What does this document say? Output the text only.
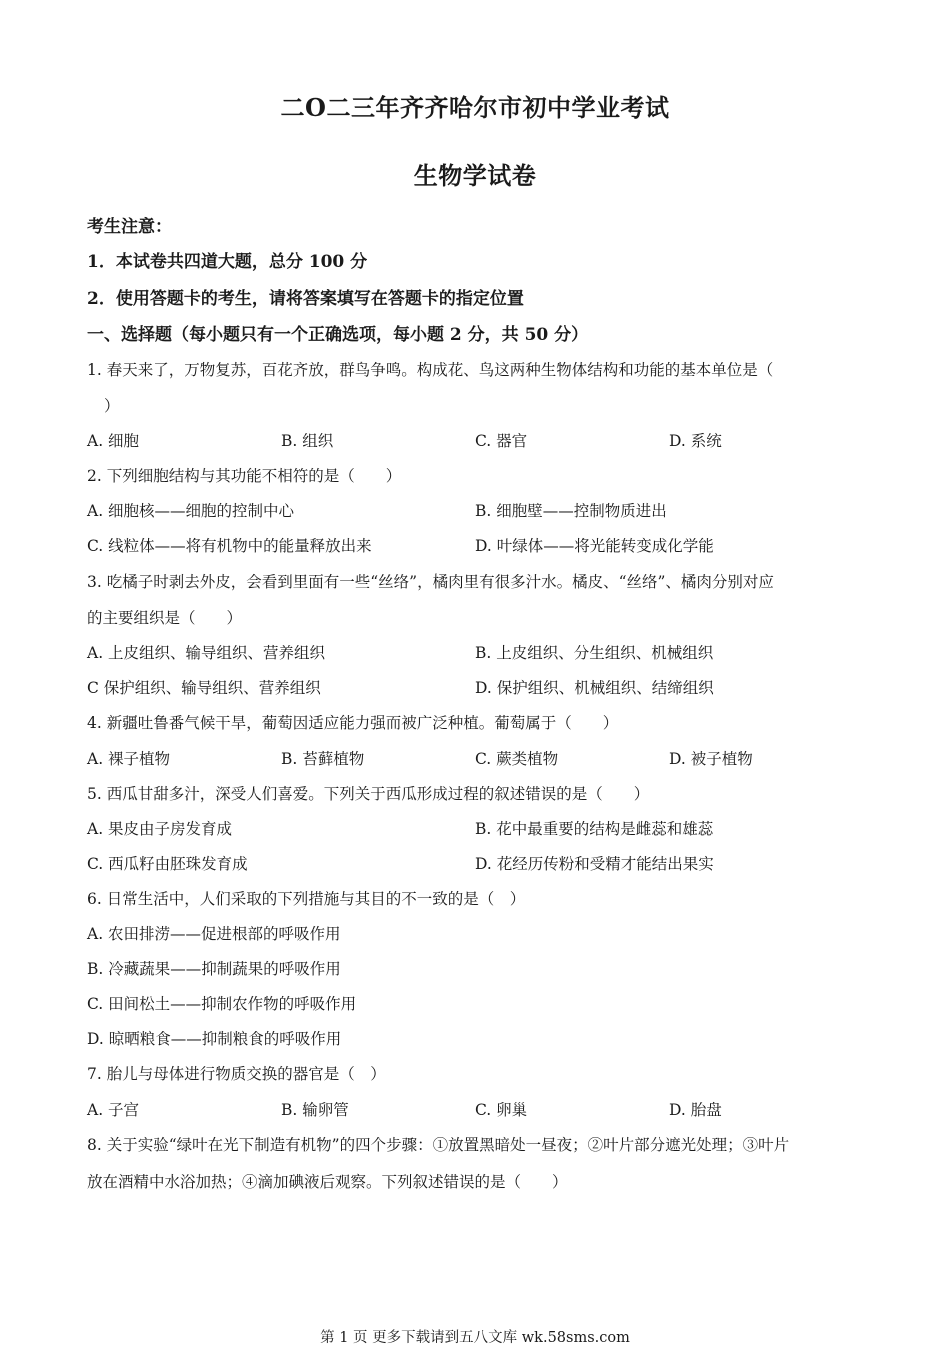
二O二三年齐齐哈尔市初中学业考试
生物学试卷
考生注意：
1．本试卷共四道大题，总分 100 分
2．使用答题卡的考生，请将答案填写在答题卡的指定位置
一、选择题（每小题只有一个正确选项，每小题 2 分，共 50 分）
1. 春天来了，万物复苏，百花齐放，群鸟争鸣。构成花、鸟这两种生物体结构和功能的基本单位是（
）
A. 细胞	B. 组织	C. 器官	D. 系统
2. 下列细胞结构与其功能不相符的是（　　）
A. 细胞核——细胞的控制中心	B. 细胞壁——控制物质进出
C. 线粒体——将有机物中的能量释放出来	D. 叶绿体——将光能转变成化学能
3. 吃橘子时剥去外皮，会看到里面有一些“丝络”，橘肉里有很多汁水。橘皮、“丝络”、橘肉分别对应
的主要组织是（　　）
A. 上皮组织、输导组织、营养组织	B. 上皮组织、分生组织、机械组织
C 保护组织、输导组织、营养组织	D. 保护组织、机械组织、结缔组织
4. 新疆吐鲁番气候干旱，葡萄因适应能力强而被广泛种植。葡萄属于（　　）
A. 裸子植物	B. 苔藓植物	C. 蕨类植物	D. 被子植物
5. 西瓜甘甜多汁，深受人们喜爱。下列关于西瓜形成过程的叙述错误的是（　　）
A. 果皮由子房发育成	B. 花中最重要的结构是雌蕊和雄蕊
C. 西瓜籽由胚珠发育成	D. 花经历传粉和受精才能结出果实
6. 日常生活中，人们采取的下列措施与其目的不一致的是（　）
A. 农田排涝——促进根部的呼吸作用
B. 冷藏蔬果——抑制蔬果的呼吸作用
C. 田间松土——抑制农作物的呼吸作用
D. 晾晒粮食——抑制粮食的呼吸作用
7. 胎儿与母体进行物质交换的器官是（　）
A. 子宫	B. 输卵管	C. 卵巢	D. 胎盘
8. 关于实验“绿叶在光下制造有机物”的四个步骤：①放置黑暗处一昼夜；②叶片部分遮光处理；③叶片
放在酒精中水浴加热；④滴加碘液后观察。下列叙述错误的是（　　）
第 1 页 更多下载请到五八文库 wk.58sms.com
